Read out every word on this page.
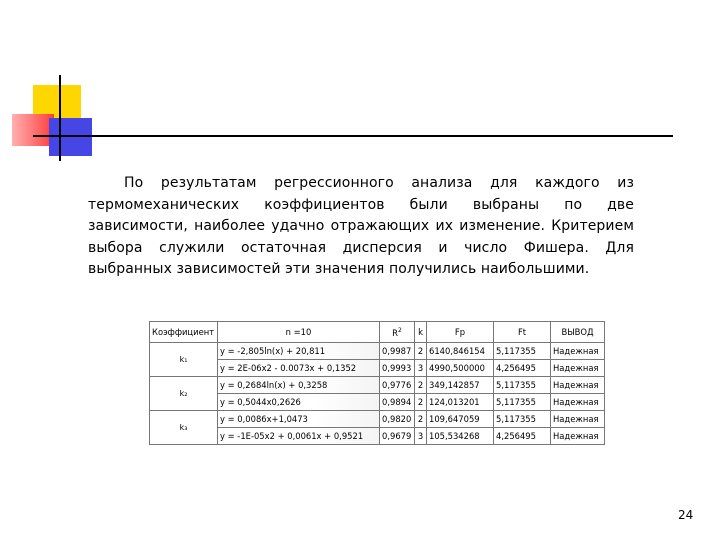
По результатам регрессионного анализа для каждого из термомеханических коэффициентов были выбраны по две зависимости, наиболее удачно отражающих их изменение. Критерием выбора служили остаточная дисперсия и число Фишера. Для выбранных зависимостей эти значения получились наибольшими.
Коэффициент	n =10	$R^2$	k	Fp	Ft	ВЫВОД
k₁	y = -2,805ln(x) + 20,811	0,9987	2	6140,846154	5,117355	Надежная
	y = 2E-06x2 - 0.0073x + 0,1352	0,9993	3	4990,500000	4,256495	Надежная
k₂	y = 0,2684ln(x) + 0,3258	0,9776	2	349,142857	5,117355	Надежная
	y = 0,5044x0,2626	0,9894	2	124,013201	5,117355	Надежная
k₃	y = 0,0086x+1,0473	0,9820	2	109,647059	5,117355	Надежная
	y = -1E-05x2 + 0,0061x + 0,9521	0,9679	3	105,534268	4,256495	Надежная
24
